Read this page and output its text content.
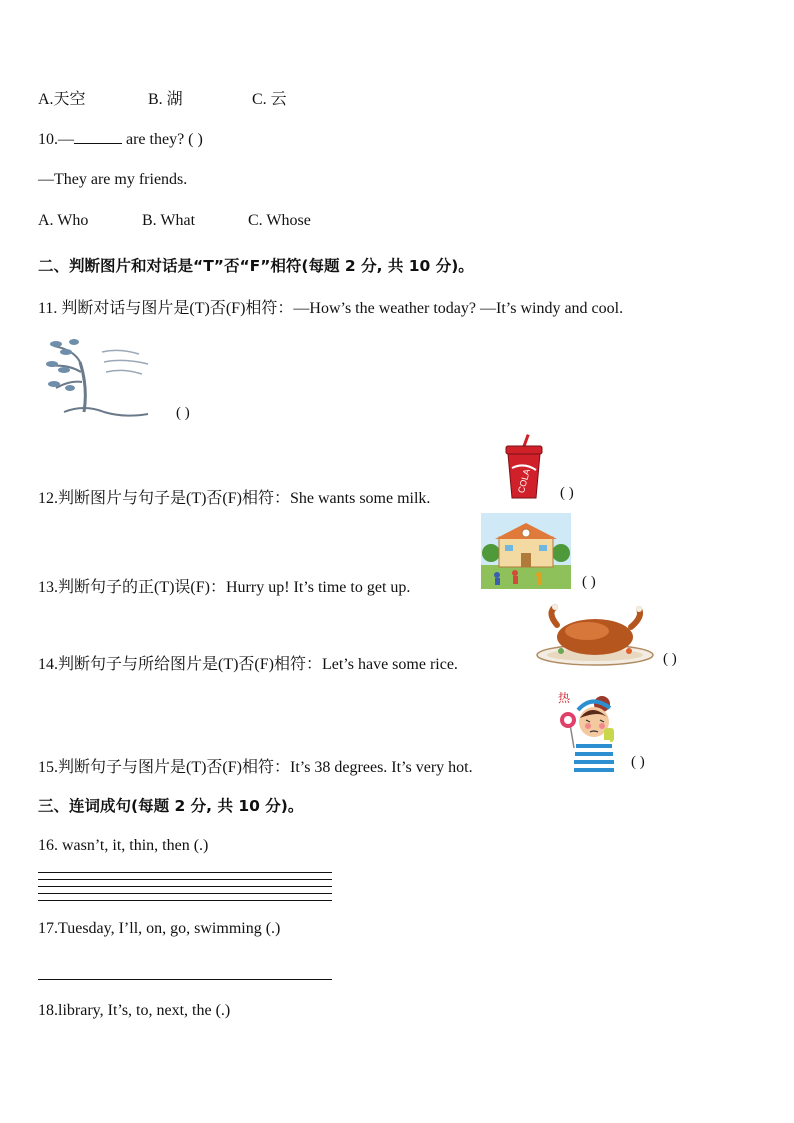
A.天空	B. 湖	C. 云
10.—	are they? ( )
—They are my friends.
A. Who	B. What	C. Whose
二、判断图片和对话是“T”否“F”相符(每题 2 分, 共 10 分)。
11. 判断对话与图片是(T)否(F)相符：—How’s the weather today? —It’s windy and cool.
( )
12.判断图片与句子是(T)否(F)相符：She wants some milk.
COLA ( )
13.判断句子的正(T)误(F)：Hurry up! It’s time to get up.	( )
14.判断句子与所给图片是(T)否(F)相符：Let’s have some rice.	( )
15.判断句子与图片是(T)否(F)相符：It’s 38 degrees. It’s very hot.
热
( )
三、连词成句(每题 2 分, 共 10 分)。
16. wasn’t, it, thin, then (.)
17.Tuesday, I’ll, on, go, swimming (.)
18.library, It’s, to, next, the (.)
